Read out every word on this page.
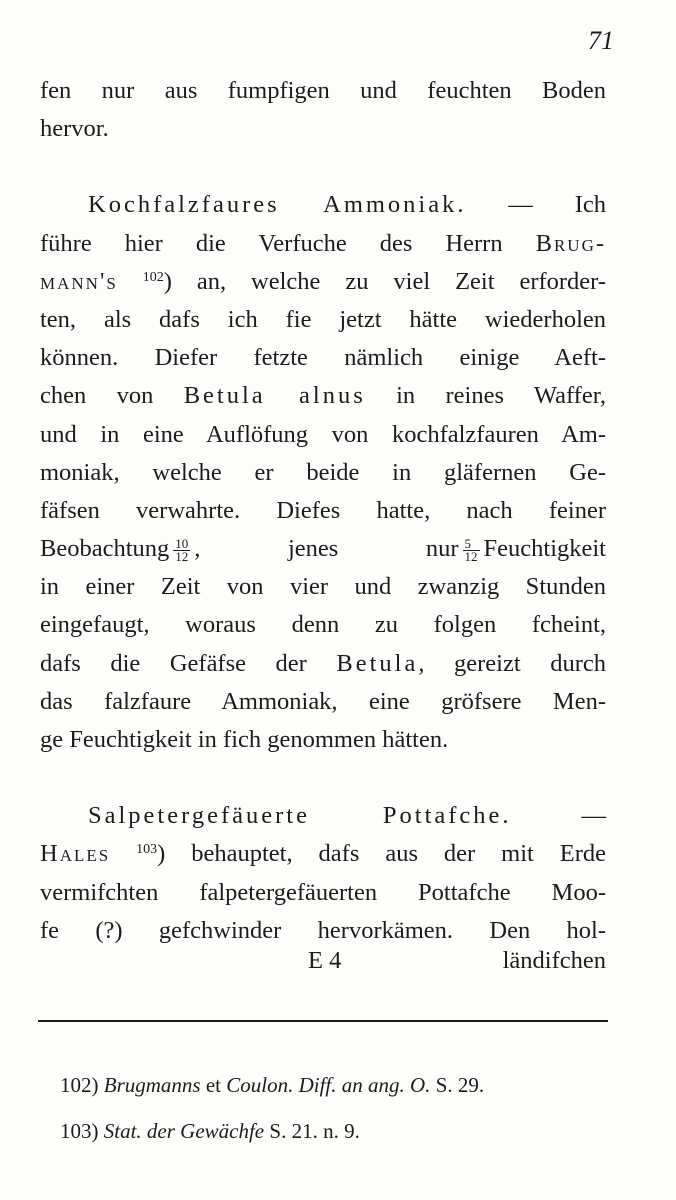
71
fen nur aus fumpfigen und feuchten Boden
hervor.
Kochfalzfaures Ammoniak. — Ich
führe hier die Verfuche des Herrn Brug-
mann's $^{102}$) an, welche zu viel Zeit erforder-
ten, als dafs ich fie jetzt hätte wiederholen
können. Diefer fetzte nämlich einige Aeft-
chen von Betula alnus in reines Waffer,
und in eine Auflöfung von kochfalzfauren Am-
moniak, welche er beide in gläfernen Ge-
fäfsen verwahrte. Diefes hatte, nach feiner
Beobachtung $\frac{10}{12}$ , jenes nur $\frac{5}{12}$ Feuchtigkeit
in einer Zeit von vier und zwanzig Stunden
eingefaugt, woraus denn zu folgen fcheint,
dafs die Gefäfse der Betula, gereizt durch
das falzfaure Ammoniak, eine gröfsere Men-
ge Feuchtigkeit in fich genommen hätten.
Salpetergefäuerte Pottafche.	—
Hales $^{103}$) behauptet, dafs aus der mit Erde
vermifchten falpetergefäuerten Pottafche Moo-
fe (?) gefchwinder hervorkämen. Den hol-
E 4	ländifchen
102) Brugmanns et Coulon. Diff. an ang. O. S. 29.
103) Stat. der Gewächfe S. 21. n. 9.
